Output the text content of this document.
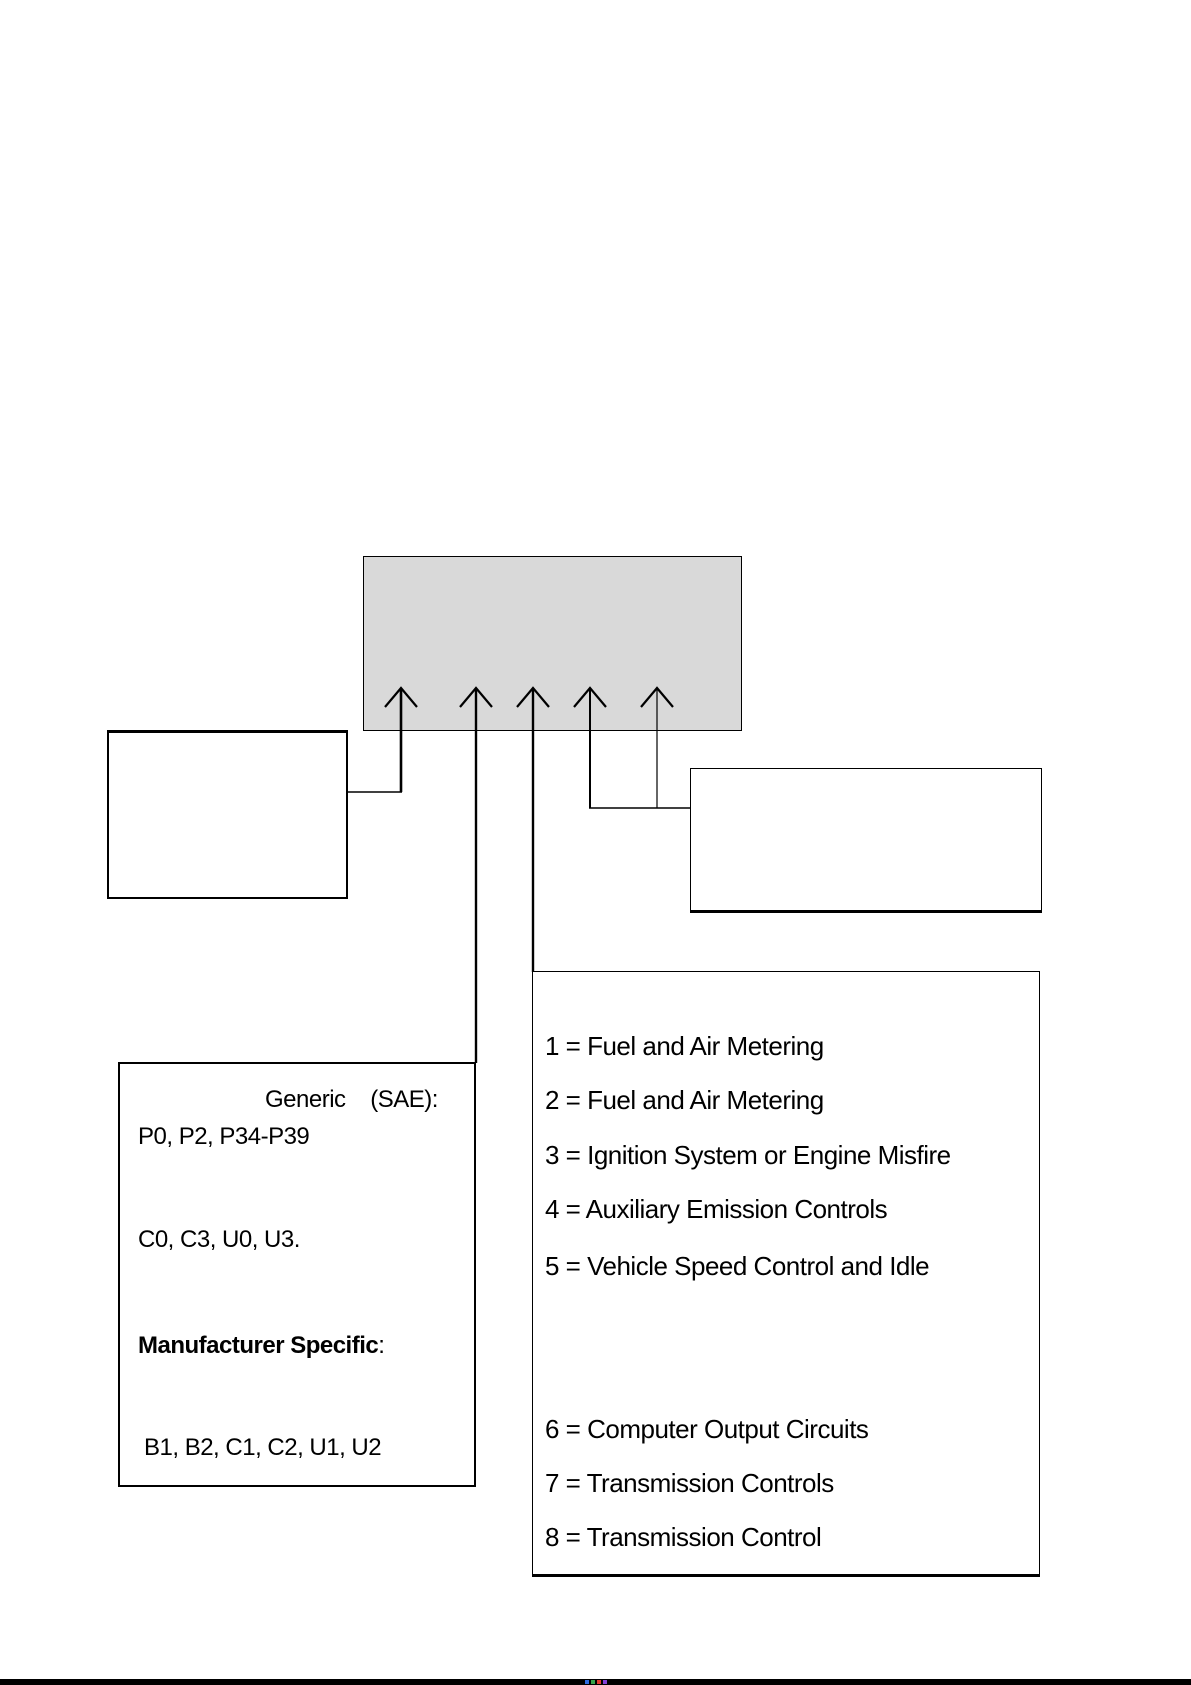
1 = Fuel and Air Metering
2 = Fuel and Air Metering
3 = Ignition System or Engine Misfire
4 = Auxiliary Emission Controls
5 = Vehicle Speed Control and Idle
6 = Computer Output Circuits
7 = Transmission Controls
8 = Transmission Control
Generic    (SAE):
P0, P2, P34-P39
C0, C3, U0, U3.
Manufacturer Specific:
B1, B2, C1, C2, U1, U2
